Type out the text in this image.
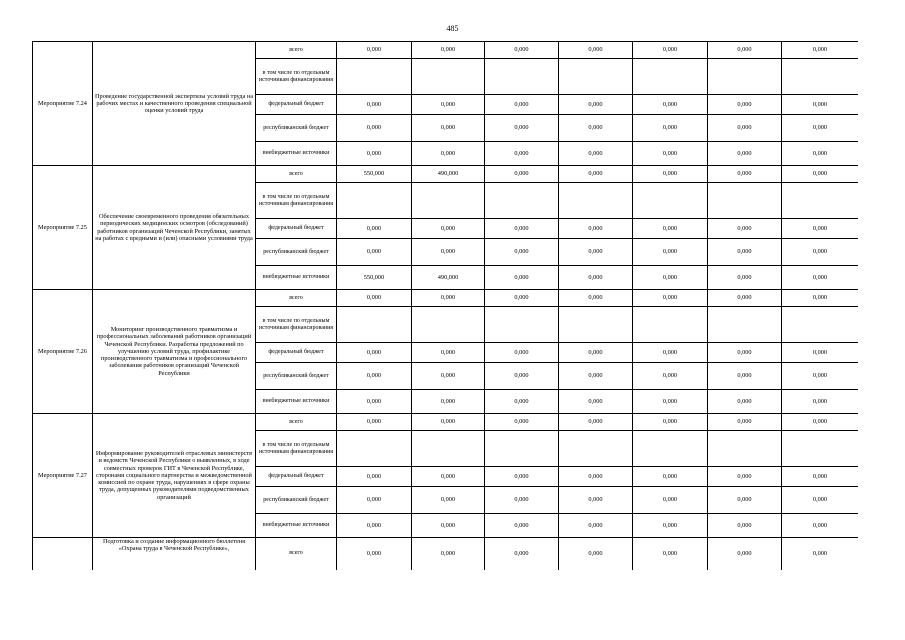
485
Мероприятие 7.24	Проведение государственной экспертизы условий труда на рабочих местах и качественного проведения специальной оценки условий труда	всего	0,000	0,000	0,000	0,000	0,000	0,000	0,000
		в том числе по отдельным источникам финансирования							
		федеральный бюджет	0,000	0,000	0,000	0,000	0,000	0,000	0,000
		республиканский бюджет	0,000	0,000	0,000	0,000	0,000	0,000	0,000
		внебюджетные источники	0,000	0,000	0,000	0,000	0,000	0,000	0,000
Мероприятие 7.25	Обеспечение своевременного проведения обязательных периодических медицинских осмотров (обследований) работников организаций Чеченской Республики, занятых на работах с вредными и (или) опасными условиями труда	всего	550,000	490,000	0,000	0,000	0,000	0,000	0,000
		в том числе по отдельным источникам финансирования							
		федеральный бюджет	0,000	0,000	0,000	0,000	0,000	0,000	0,000
		республиканский бюджет	0,000	0,000	0,000	0,000	0,000	0,000	0,000
		внебюджетные источники	550,000	490,000	0,000	0,000	0,000	0,000	0,000
Мероприятие 7.26	Мониторинг производственного травматизма и профессиональных заболеваний работников организаций Чеченской Республики. Разработка предложений по улучшению условий труда, профилактике производственного травматизма и профессионального заболевания работников организаций Чеченской Республики	всего	0,000	0,000	0,000	0,000	0,000	0,000	0,000
		в том числе по отдельным источникам финансирования							
		федеральный бюджет	0,000	0,000	0,000	0,000	0,000	0,000	0,000
		республиканский бюджет	0,000	0,000	0,000	0,000	0,000	0,000	0,000
		внебюджетные источники	0,000	0,000	0,000	0,000	0,000	0,000	0,000
Мероприятие 7.27	Информирование руководителей отраслевых министерств и ведомств Чеченской Республики о выявленных, в ходе совместных проверок ГИТ в Чеченской Республике, сторонами социального партнерства и межведомственной комиссией по охране труда, нарушениях в сфере охраны труда, допущенных руководителями подведомственных организаций	всего	0,000	0,000	0,000	0,000	0,000	0,000	0,000
		в том числе по отдельным источникам финансирования							
		федеральный бюджет	0,000	0,000	0,000	0,000	0,000	0,000	0,000
		республиканский бюджет	0,000	0,000	0,000	0,000	0,000	0,000	0,000
		внебюджетные источники	0,000	0,000	0,000	0,000	0,000	0,000	0,000
	Подготовка и создание информационного бюллетеня «Охрана труда в Чеченской Республике»,	всего	0,000	0,000	0,000	0,000	0,000	0,000	0,000
